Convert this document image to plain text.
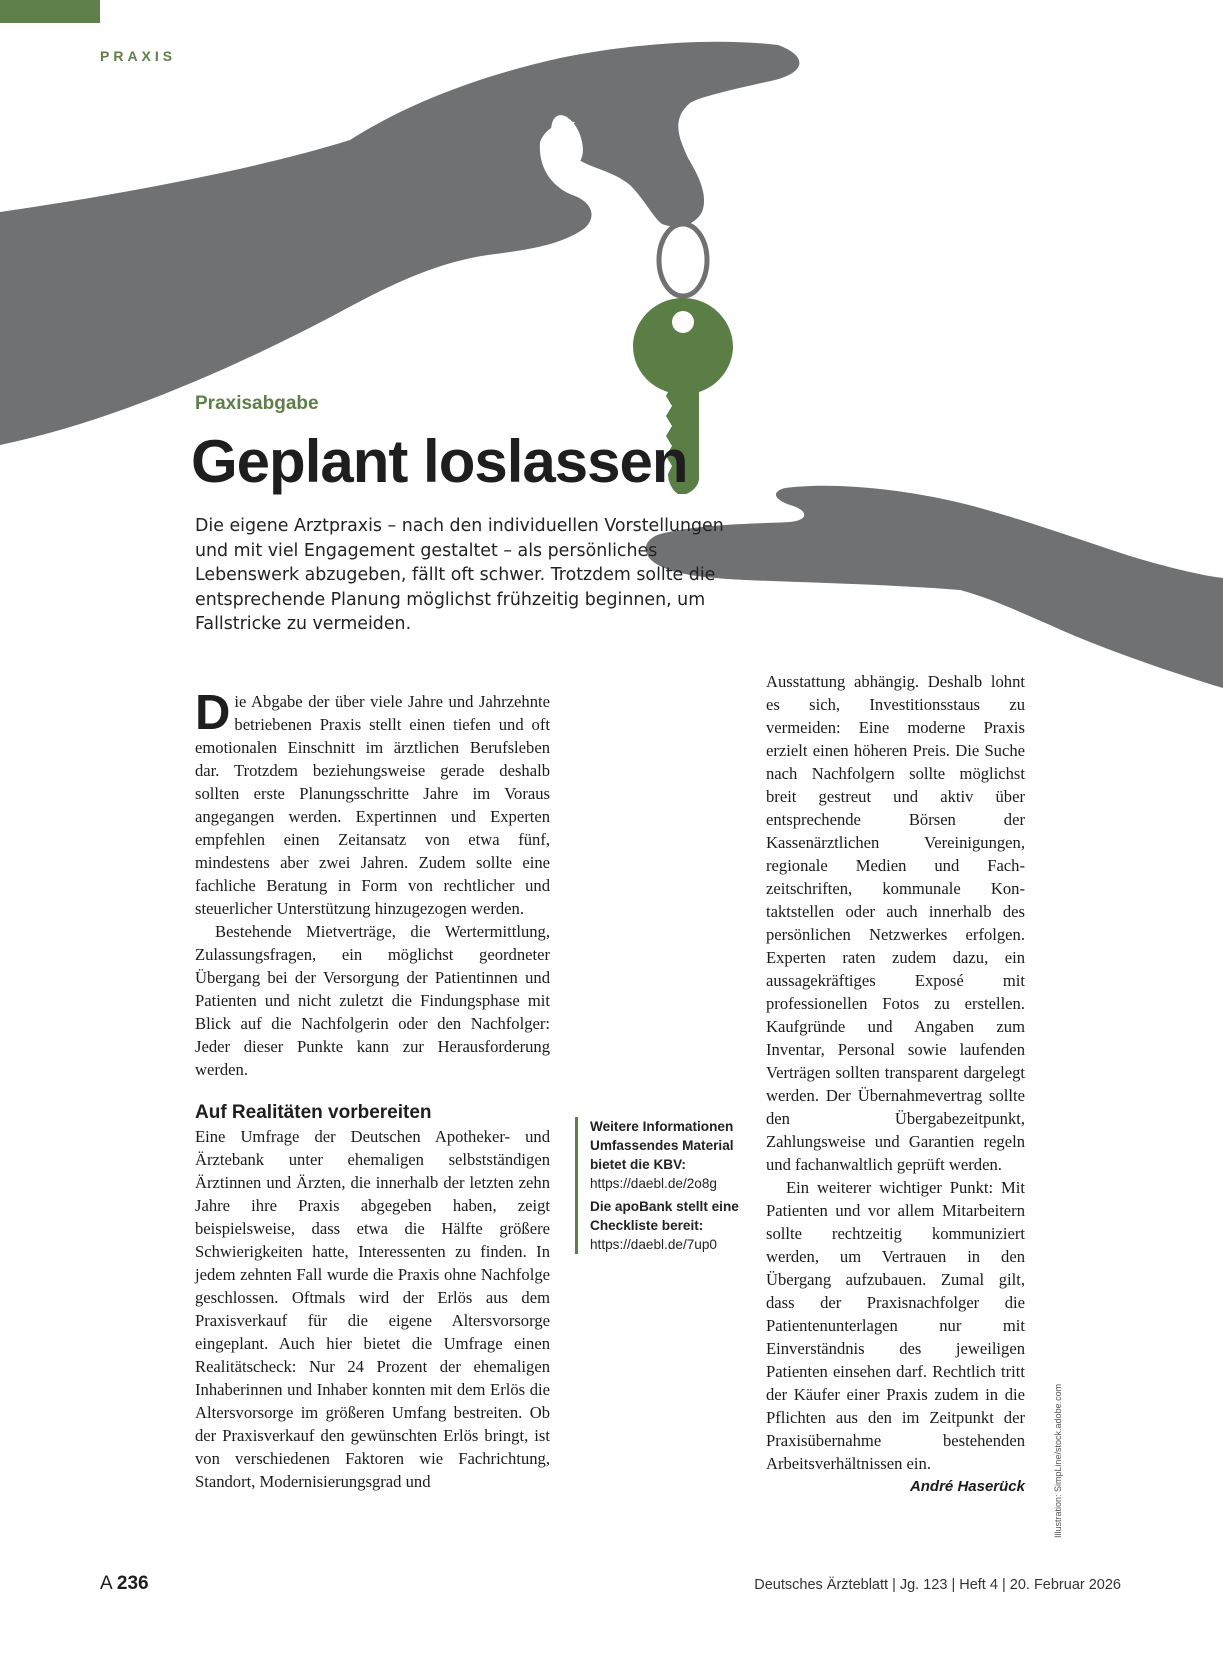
PRAXIS
Praxisabgabe
Geplant loslassen

Die eigene Arztpraxis – nach den individuellen Vorstellungen und mit viel Engagement gestaltet – als persönliches Lebenswerk abzugeben, fällt oft schwer. Trotzdem sollte die entsprechende Planung möglichst frühzeitig beginnen, um Fallstricke zu vermeiden.

Die Abgabe der über viele Jahre und Jahrzehnte betriebenen Praxis stellt einen tiefen und oft emotionalen Einschnitt im ärztlichen Berufsleben dar. Trotzdem beziehungsweise gerade deshalb sollten erste Planungsschritte Jahre im Voraus angegangen werden. Expertinnen und Experten empfehlen einen Zeitansatz von etwa fünf, mindestens aber zwei Jahren. Zudem sollte eine fachliche Beratung in Form von rechtlicher und steuerlicher Unterstützung hinzugezogen werden.

Bestehende Mietverträge, die Wertermittlung, Zulassungsfragen, ein möglichst geordneter Übergang bei der Versorgung der Patientinnen und Patienten und nicht zuletzt die Findungsphase mit Blick auf die Nachfolgerin oder den Nachfolger: Jeder dieser Punkte kann zur Herausforderung werden.

Auf Realitäten vorbereiten

Eine Umfrage der Deutschen Apotheker- und Ärztebank unter ehemaligen selbstständigen Ärztinnen und Ärzten, die innerhalb der letzten zehn Jahre ihre Praxis abgegeben haben, zeigt beispielsweise, dass etwa die Hälfte größere Schwierigkeiten hatte, Interessenten zu finden. In jedem zehnten Fall wurde die Praxis ohne Nachfolge geschlossen. Oftmals wird der Erlös aus dem Praxisverkauf für die eigene Altersvorsorge eingeplant. Auch hier bietet die Umfrage einen Realitätscheck: Nur 24 Prozent der ehemaligen Inhaberinnen und Inhaber konnten mit dem Erlös die Altersvorsorge im größeren Umfang bestreiten. Ob der Praxisverkauf den gewünschten Erlös bringt, ist von verschiedenen Faktoren wie Fachrichtung, Standort, Modernisierungsgrad und

Weitere Informationen
Umfassendes Material bietet die KBV:
https://daebl.de/2o8g
Die apoBank stellt eine Checkliste bereit:
https://daebl.de/7up0

Ausstattung abhängig. Deshalb lohnt es sich, Investitionsstaus zu vermeiden: Eine moderne Praxis erzielt einen höheren Preis. Die Suche nach Nachfolgern sollte möglichst breit gestreut und aktiv über entsprechende Börsen der Kassenärztlichen Vereinigungen, regionale Medien und Fachzeitschriften, kommunale Kontaktstellen oder auch innerhalb des persönlichen Netzwerkes erfolgen. Experten raten zudem dazu, ein aussagekräftiges Exposé mit professionellen Fotos zu erstellen. Kaufgründe und Angaben zum Inventar, Personal sowie laufenden Verträgen sollten transparent dargelegt werden. Der Übernahmevertrag sollte den Übergabezeitpunkt, Zahlungsweise und Garantien regeln und fachanwaltlich geprüft werden.

Ein weiterer wichtiger Punkt: Mit Patienten und vor allem Mitarbeitern sollte rechtzeitig kommuniziert werden, um Vertrauen in den Übergang aufzubauen. Zumal gilt, dass der Praxisnachfolger die Patientenunterlagen nur mit Einverständnis des jeweiligen Patienten einsehen darf. Rechtlich tritt der Käufer einer Praxis zudem in die Pflichten aus den im Zeitpunkt der Praxisübernahme bestehenden Arbeitsverhältnissen ein.
André Haserück	Illustration: SimpLine/stock.adobe.com
A 236	Deutsches Ärzteblatt | Jg. 123 | Heft 4 | 20. Februar 2026
